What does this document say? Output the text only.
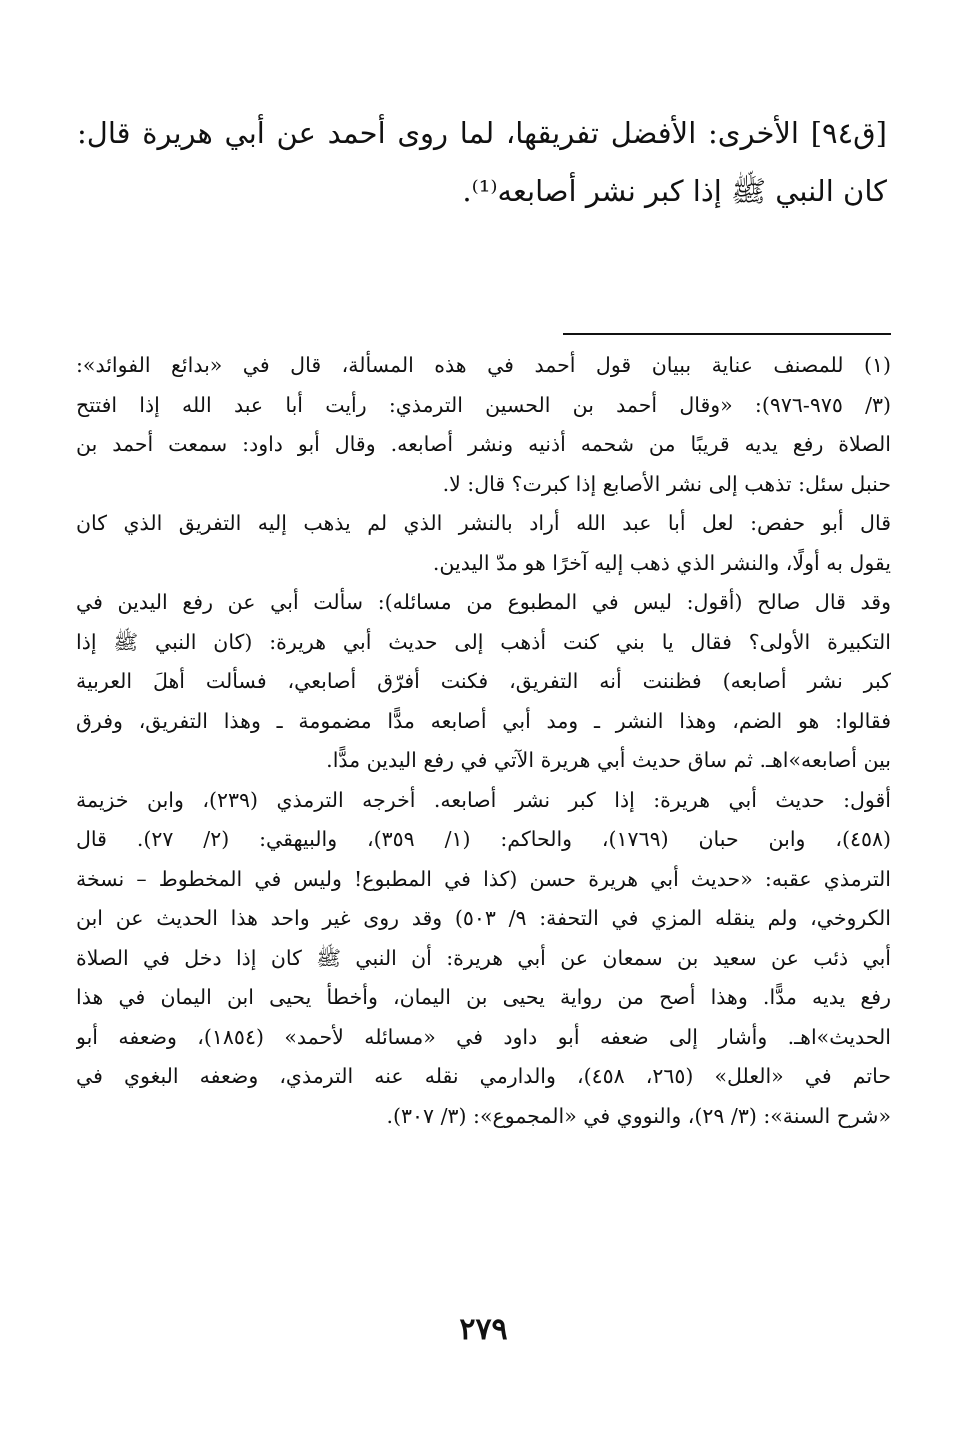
[ق٩٤] الأخرى: الأفضل تفريقها، لما روى أحمد عن أبي هريرة قال: كان النبي ﷺ إذا كبر نشر أصابعه⁽¹⁾.
(١) للمصنف عناية ببيان قول أحمد في هذه المسألة، قال في «بدائع الفوائد»:
(٣/ ٩٧٥-٩٧٦): «وقال أحمد بن الحسين الترمذي: رأيت أبا عبد الله إذا افتتح
الصلاة رفع يديه قريبًا من شحمه أذنيه ونشر أصابعه. وقال أبو داود: سمعت أحمد بن
حنبل سئل: تذهب إلى نشر الأصابع إذا كبرت؟ قال: لا.
قال أبو حفص: لعل أبا عبد الله أراد بالنشر الذي لم يذهب إليه التفريق الذي كان
يقول به أولًا، والنشر الذي ذهب إليه آخرًا هو مدّ اليدين.
وقد قال صالح (أقول: ليس في المطبوع من مسائله): سألت أبي عن رفع اليدين في
التكبيرة الأولى؟ فقال يا بني كنت أذهب إلى حديث أبي هريرة: (كان النبي ﷺ إذا
كبر نشر أصابعه) فظننت أنه التفريق، فكنت أفرّق أصابعي، فسألت أهلَ العربية
فقالوا: هو الضم، وهذا النشر ـ ومد أبي أصابعه مدًّا مضمومة ـ وهذا التفريق، وفرق
بين أصابعه»اهـ. ثم ساق حديث أبي هريرة الآتي في رفع اليدين مدًّا.
أقول: حديث أبي هريرة: إذا كبر نشر أصابعه. أخرجه الترمذي (٢٣٩)، وابن خزيمة
(٤٥٨)، وابن حبان (١٧٦٩)، والحاكم: (١/ ٣٥٩)، والبيهقي: (٢/ ٢٧). قال
الترمذي عقبه: «حديث أبي هريرة حسن (كذا في المطبوع! وليس في المخطوط – نسخة
الكروخي، ولم ينقله المزي في التحفة: ٩/ ٥٠٣) وقد روى غير واحد هذا الحديث عن ابن
أبي ذئب عن سعيد بن سمعان عن أبي هريرة: أن النبي ﷺ كان إذا دخل في الصلاة
رفع يديه مدًّا. وهذا أصح من رواية يحيى بن اليمان، وأخطأ يحيى ابن اليمان في هذا
الحديث»اهـ. وأشار إلى ضعفه أبو داود في «مسائله لأحمد» (١٨٥٤)، وضعفه أبو
حاتم في «العلل» (٢٦٥، ٤٥٨)، والدارمي نقله عنه الترمذي، وضعفه البغوي في
«شرح السنة»: (٣/ ٢٩)، والنووي في «المجموع»: (٣/ ٣٠٧).
٢٧٩
